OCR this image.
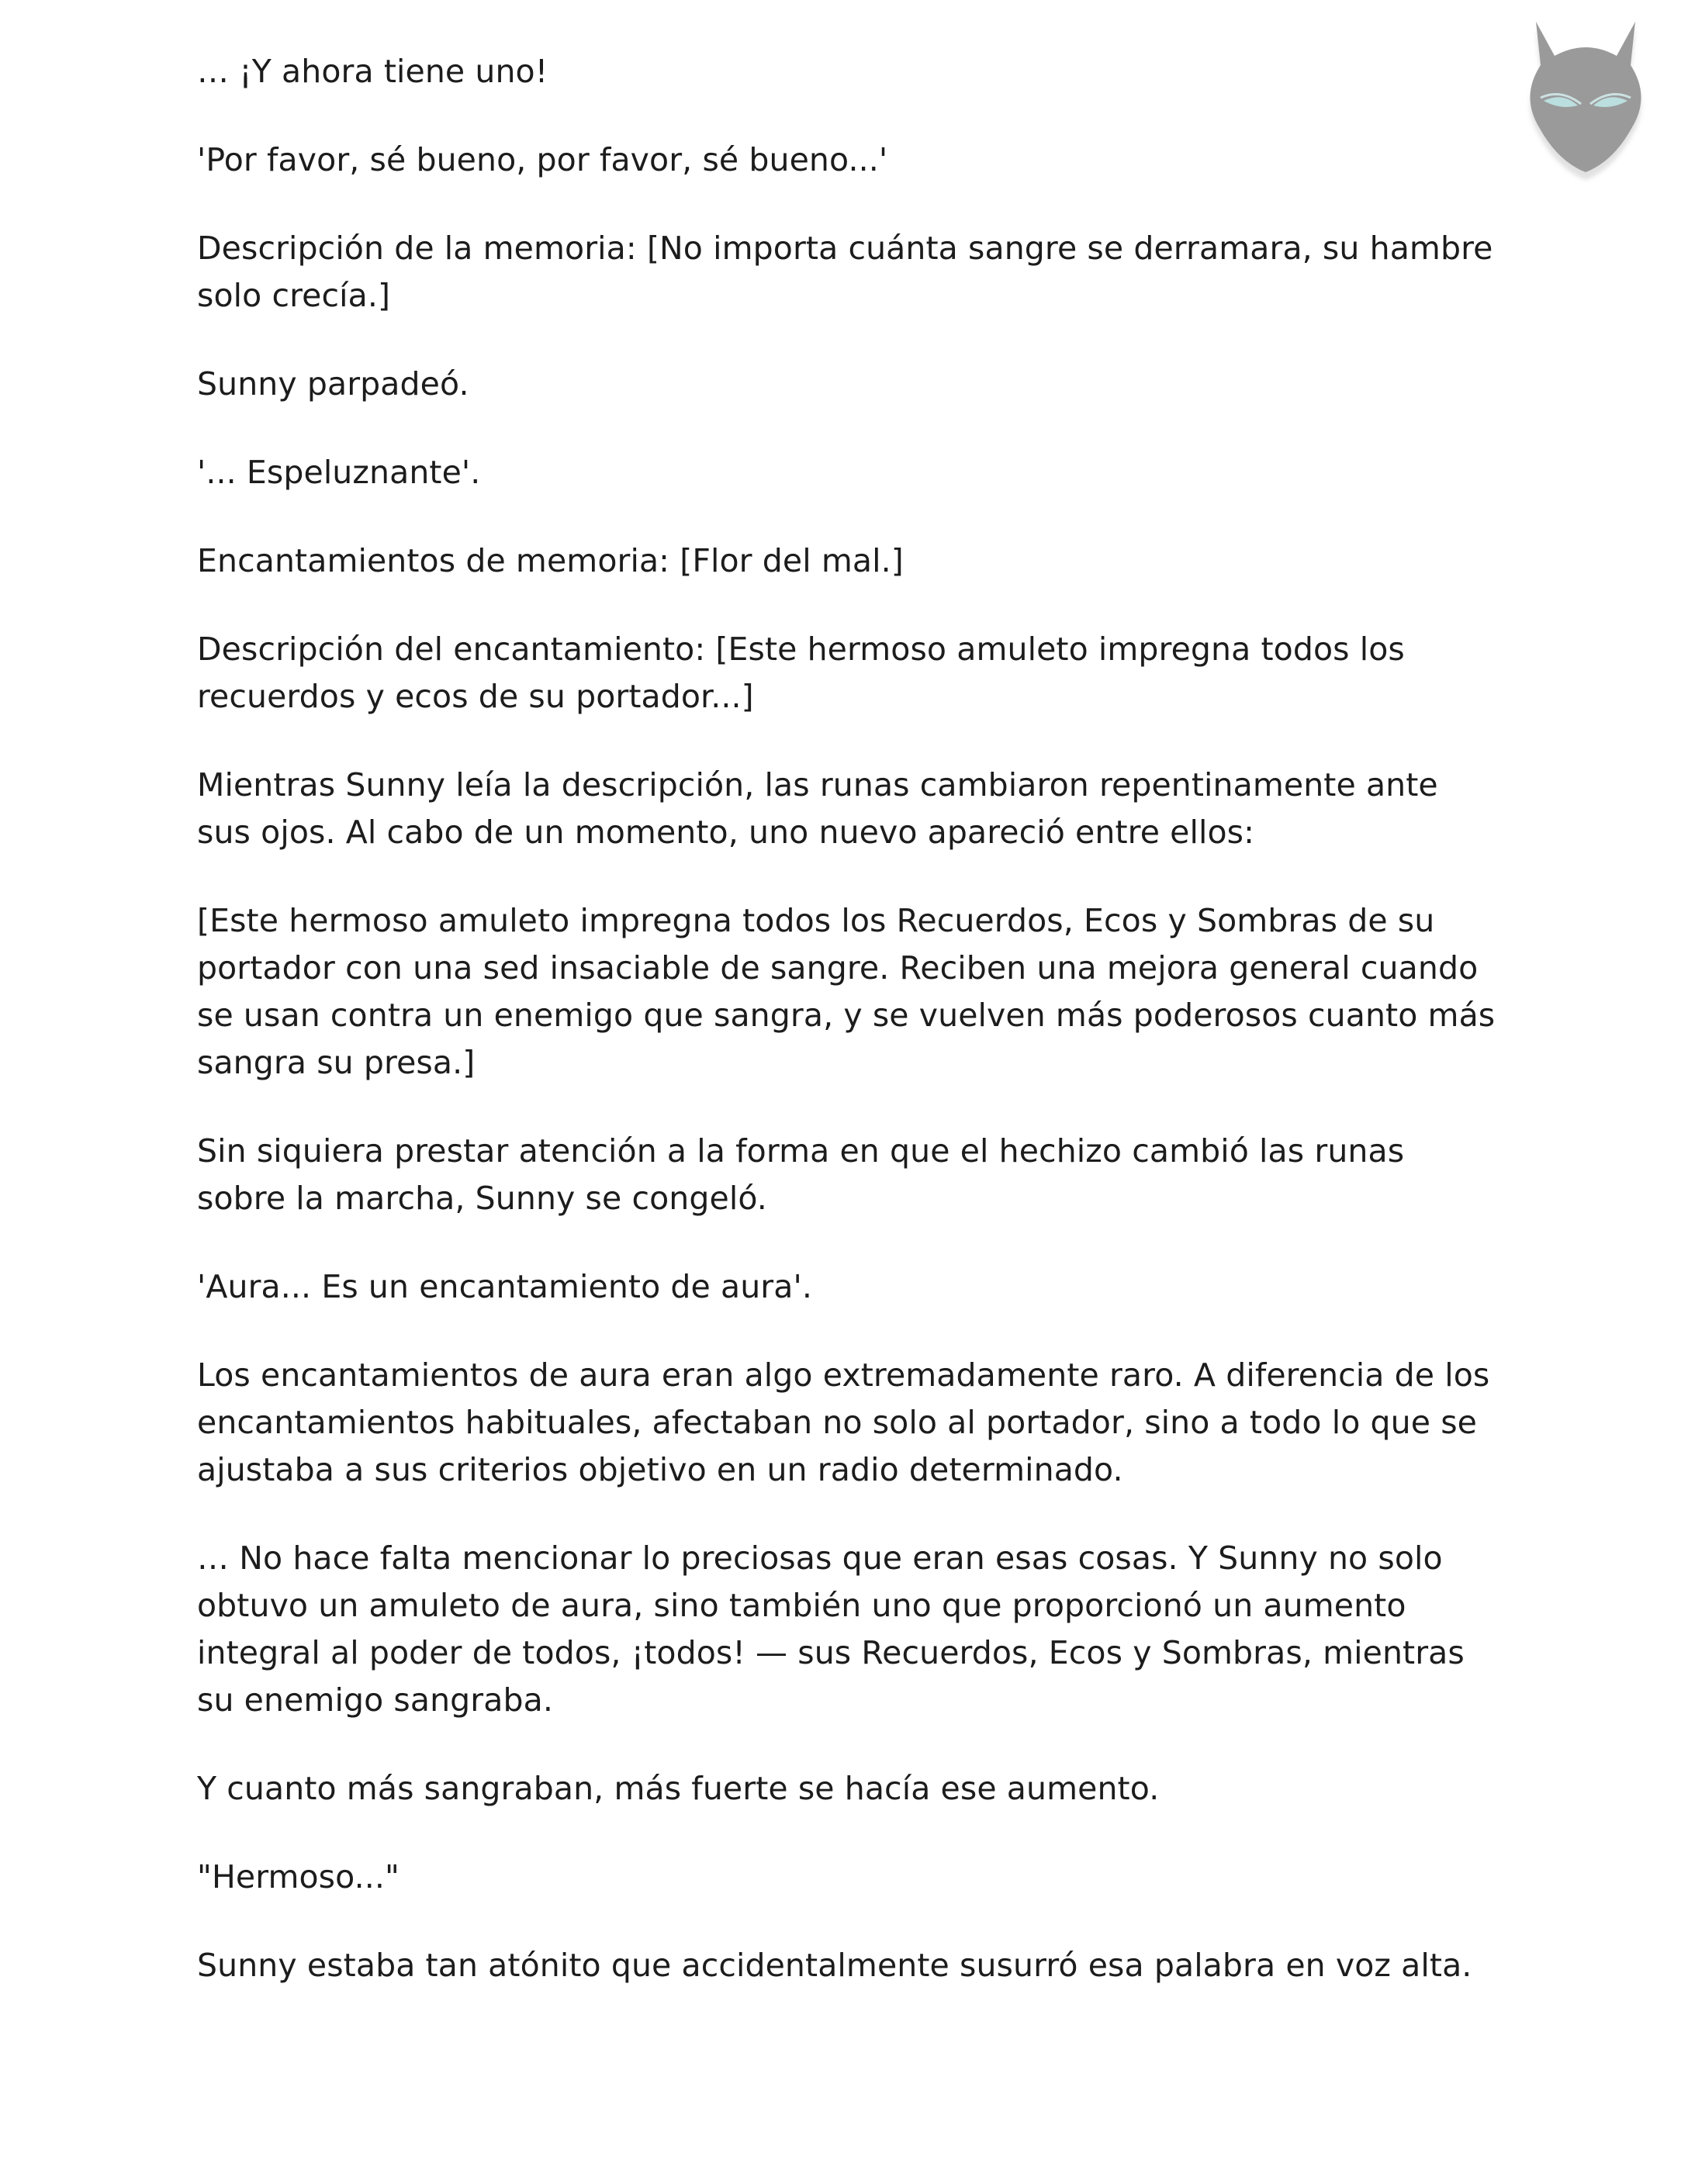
… ¡Y ahora tiene uno!

'Por favor, sé bueno, por favor, sé bueno...'

Descripción de la memoria: [No importa cuánta sangre se derramara, su hambre solo crecía.]

Sunny parpadeó.

'... Espeluznante'.

Encantamientos de memoria: [Flor del mal.]

Descripción del encantamiento: [Este hermoso amuleto impregna todos los recuerdos y ecos de su portador...]

Mientras Sunny leía la descripción, las runas cambiaron repentinamente ante sus ojos. Al cabo de un momento, uno nuevo apareció entre ellos:

[Este hermoso amuleto impregna todos los Recuerdos, Ecos y Sombras de su portador con una sed insaciable de sangre. Reciben una mejora general cuando se usan contra un enemigo que sangra, y se vuelven más poderosos cuanto más sangra su presa.]

Sin siquiera prestar atención a la forma en que el hechizo cambió las runas sobre la marcha, Sunny se congeló.

'Aura... Es un encantamiento de aura'.

Los encantamientos de aura eran algo extremadamente raro. A diferencia de los encantamientos habituales, afectaban no solo al portador, sino a todo lo que se ajustaba a sus criterios objetivo en un radio determinado.

… No hace falta mencionar lo preciosas que eran esas cosas. Y Sunny no solo obtuvo un amuleto de aura, sino también uno que proporcionó un aumento integral al poder de todos, ¡todos! — sus Recuerdos, Ecos y Sombras, mientras su enemigo sangraba.

Y cuanto más sangraban, más fuerte se hacía ese aumento.

"Hermoso..."

Sunny estaba tan atónito que accidentalmente susurró esa palabra en voz alta.
